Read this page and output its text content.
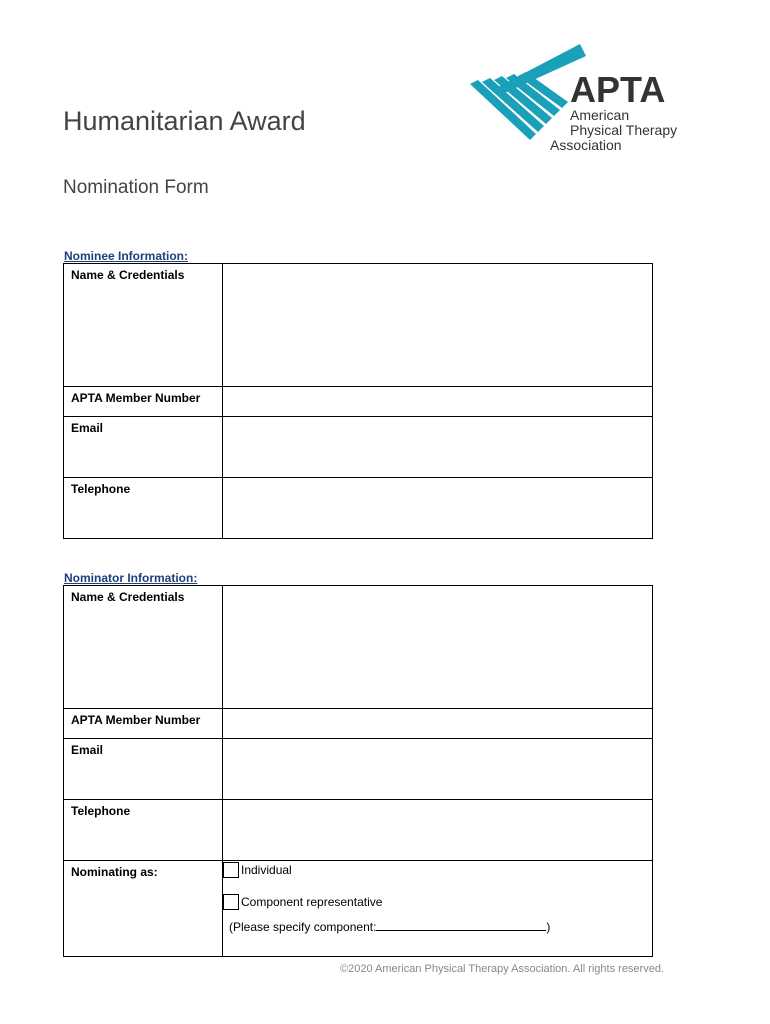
Humanitarian Award
Nomination Form
APTA
American
Physical Therapy
Association
Nominee Information:
Name & Credentials	
APTA Member Number	
Email	
Telephone	
Nominator Information:
Name & Credentials	
APTA Member Number	
Email	
Telephone	
Nominating as:	Individual
Component representative
(Please specify component: )
©2020 American Physical Therapy Association. All rights reserved.
